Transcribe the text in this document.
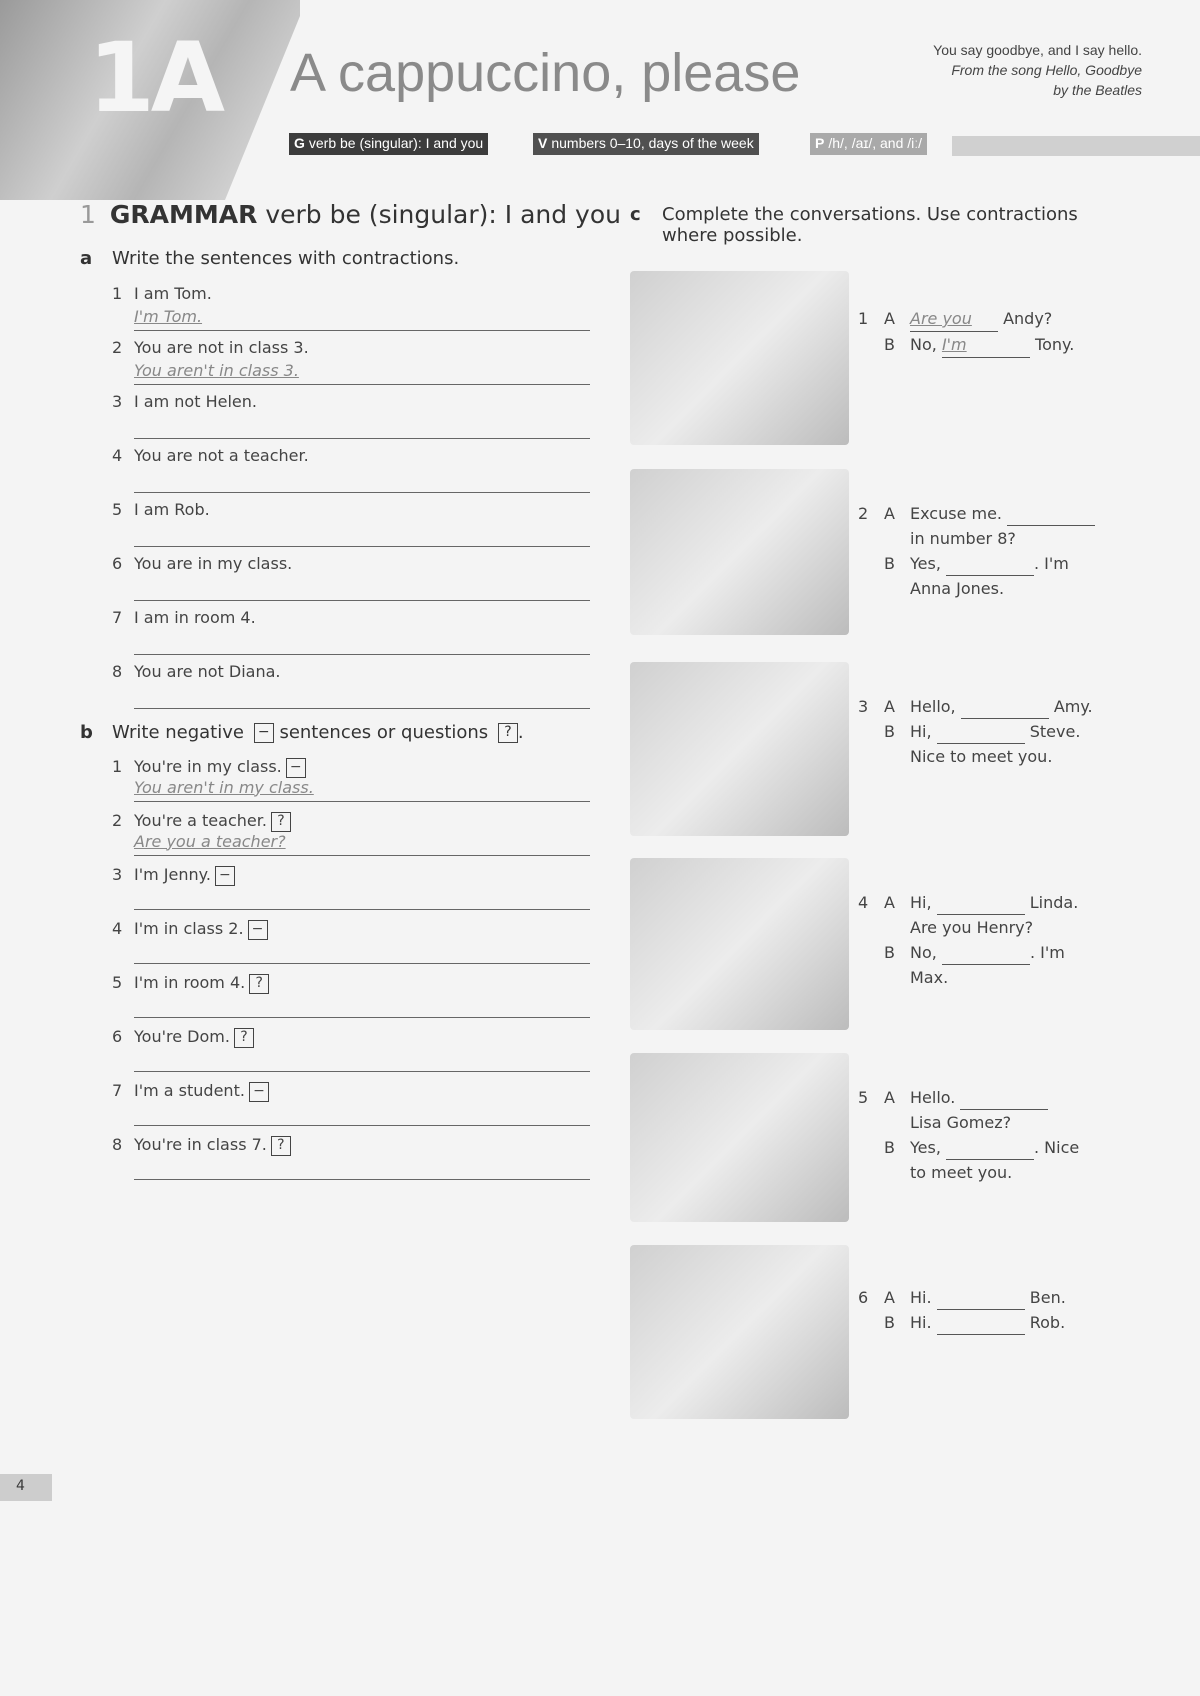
1A A cappuccino, please	You say goodbye, and I say hello.
From the song Hello, Goodbye
by the Beatles
G verb be (singular): I and you	V numbers 0–10, days of the week	P /h/, /aɪ/, and /iː/
1 GRAMMAR verb be (singular): I and you
a Write the sentences with contractions.
1 I am Tom.
I'm Tom.
2 You are not in class 3.
You aren't in class 3.
3 I am not Helen.
4 You are not a teacher.
5 I am Rob.
6 You are in my class.
7 I am in room 4.
8 You are not Diana.
b Write negative − sentences or questions ? .
1 You're in my class. −
You aren't in my class.
2 You're a teacher. ?
Are you a teacher?
3 I'm Jenny. −
4 I'm in class 2. −
5 I'm in room 4. ?
6 You're Dom. ?
7 I'm a student. −
8 You're in class 7. ?
c Complete the conversations. Use contractions where possible.
1 A Are you	Andy?
B No, I'm	Tony.
2 A Excuse me.
in number 8?
B Yes,	. I'm
Anna Jones.
3 A Hello,	Amy.
B Hi,	Steve.
Nice to meet you.
4 A Hi,	Linda.
Are you Henry?
B No,	. I'm
Max.
5 A Hello.
Lisa Gomez?
B Yes,	. Nice
to meet you.
6 A Hi.	Ben.
B Hi.	Rob.
4
